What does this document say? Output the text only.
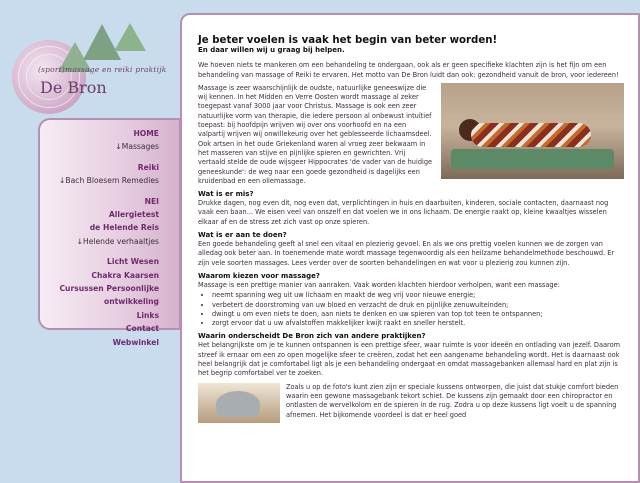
(sport)massage en reiki praktijk
De Bron
HOME
↓Massages
Reiki
↓Bach Bloesem Remedies
NEI
Allergietest
de Helende Reis
↓Helende verhaaltjes
Licht Wesen
Chakra Kaarsen
Cursussen Persoonlijke
ontwikkeling
Links
Contact
Webwinkel
Je beter voelen is vaak het begin van beter worden!
En daar willen wij u graag bij helpen.

We hoeven niets te mankeren om een behandeling te ondergaan, ook als er geen specifieke klachten zijn is het fijn om een behandeling van massage of Reiki te ervaren. Het motto van De Bron luidt dan ook: gezondheid vanuit de bron, voor iedereen!

Massage is zeer waarschijnlijk de oudste, natuurlijke geneeswijze die wij kennen. In het Midden en Verre Oosten wordt massage al zeker toegepast vanaf 3000 jaar voor Christus. Massage is ook een zeer natuurlijke vorm van therapie, die iedere persoon al onbewust intuïtief toepast: bij hoofdpijn wrijven wij over ons voorhoofd en na een valpartij wrijven wij onwillekeurig over het geblesseerde lichaamsdeel. Ook artsen in het oude Griekenland waren al vroeg zeer bekwaam in het masseren van stijve en pijnlijke spieren en gewrichten. Vrij vertaald stelde de oude wijsgeer Hippocrates 'de vader van de huidige geneeskunde': de weg naar een goede gezondheid is dagelijks een kruidenbad en een oliemassage.

Wat is er mis?

Drukke dagen, nog even dit, nog even dat, verplichtingen in huis en daarbuiten, kinderen, sociale contacten, daarnaast nog vaak een baan... We eisen veel van onszelf en dat voelen we in ons lichaam. De energie raakt op, kleine kwaaltjes wisselen elkaar af en de stress zet zich vast op onze spieren.

Wat is er aan te doen?

Een goede behandeling geeft al snel een vitaal en plezierig gevoel. En als we ons prettig voelen kunnen we de zorgen van alledag ook beter aan. In toenemende mate wordt massage tegenwoordig als een heilzame behandelmethode beschouwd. Er zijn vele soorten massages. Lees verder over de soorten behandelingen en wat voor u plezierig zou kunnen zijn.

Waarom kiezen voor massage?

Massage is een prettige manier van aanraken. Vaak worden klachten hierdoor verholpen, want een massage:

• neemt spanning weg uit uw lichaam en maakt de weg vrij voor nieuwe energie;
• verbetert de doorstroming van uw bloed en verzacht de druk en pijnlijke zenuwuiteinden;
• dwingt u om even niets te doen, aan niets te denken en uw spieren van top tot teen te ontspannen;
• zorgt ervoor dat u uw afvalstoffen makkelijker kwijt raakt en sneller herstelt.
Waarin onderscheidt De Bron zich van andere praktijken?

Het belangrijkste om je te kunnen ontspannen is een prettige sfeer, waar ruimte is voor ideeën en ontlading van jezelf. Daarom streef ik ernaar om een zo open mogelijke sfeer te creëren, zodat het een aangename behandeling wordt. Het is daarnaast ook heel belangrijk dat je comfortabel ligt als je een behandeling ondergaat en omdat massagebanken allemaal hard en plat zijn is het begrip comfortabel ver te zoeken.

Zoals u op de foto's kunt zien zijn er speciale kussens ontworpen, die juist dat stukje comfort bieden waarin een gewone massagebank tekort schiet. De kussens zijn gemaakt door een chiropractor en ontlasten de wervelkolom en de spieren in de rug. Zodra u op deze kussens ligt voelt u de spanning afnemen. Het bijkomende voordeel is dat er heel goed
